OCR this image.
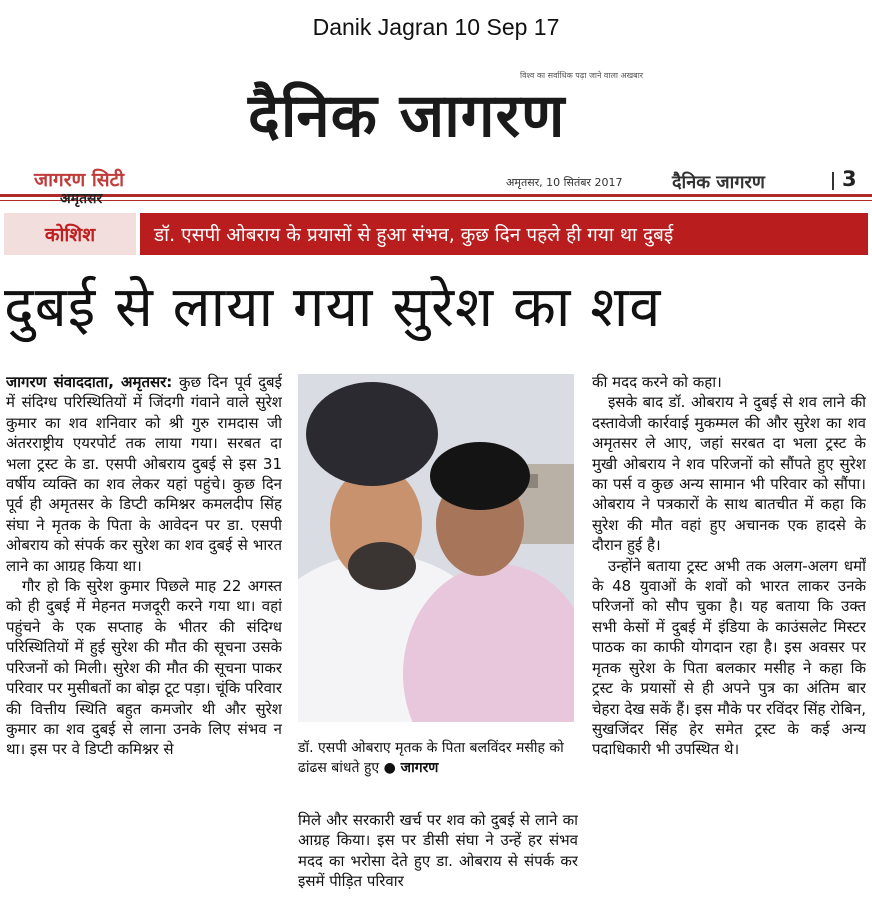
Danik Jagran 10 Sep 17
विश्व का सर्वाधिक पढ़ा जाने वाला अखबार
दैनिक जागरण
जागरण सिटी
अमृतसर
अमृतसर, 10 सितंबर 2017	दैनिक जागरण	3
कोशिश	डॉ. एसपी ओबराय के प्रयासों से हुआ संभव, कुछ दिन पहले ही गया था दुबई
दुबई से लाया गया सुरेश का शव

जागरण संवाददाता, अमृतसर: कुछ दिन पूर्व दुबई में संदिग्ध परिस्थितियों में जिंदगी गंवाने वाले सुरेश कुमार का शव शनिवार को श्री गुरु रामदास जी अंतरराष्ट्रीय एयरपोर्ट तक लाया गया। सरबत दा भला ट्रस्ट के डा. एसपी ओबराय दुबई से इस 31 वर्षीय व्यक्ति का शव लेकर यहां पहुंचे। कुछ दिन पूर्व ही अमृतसर के डिप्टी कमिश्नर कमलदीप सिंह संघा ने मृतक के पिता के आवेदन पर डा. एसपी ओबराय को संपर्क कर सुरेश का शव दुबई से भारत लाने का आग्रह किया था।

गौर हो कि सुरेश कुमार पिछले माह 22 अगस्त को ही दुबई में मेहनत मजदूरी करने गया था। वहां पहुंचने के एक सप्ताह के भीतर की संदिग्ध परिस्थितियों में हुई सुरेश की मौत की सूचना उसके परिजनों को मिली। सुरेश की मौत की सूचना पाकर परिवार पर मुसीबतों का बोझ टूट पड़ा। चूंकि परिवार की वित्तीय स्थिति बहुत कमजोर थी और सुरेश कुमार का शव दुबई से लाना उनके लिए संभव न था। इस पर वे डिप्टी कमिश्नर से	डॉ. एसपी ओबराए मृतक के पिता बलविंदर मसीह को ढांढस बांधते हुए ● जागरण

मिले और सरकारी खर्च पर शव को दुबई से लाने का आग्रह किया। इस पर डीसी संघा ने उन्हें हर संभव मदद का भरोसा देते हुए डा. ओबराय से संपर्क कर इसमें पीड़ित परिवार

की मदद करने को कहा।

इसके बाद डॉ. ओबराय ने दुबई से शव लाने की दस्तावेजी कार्रवाई मुकम्मल की और सुरेश का शव अमृतसर ले आए, जहां सरबत दा भला ट्रस्ट के मुखी ओबराय ने शव परिजनों को सौंपते हुए सुरेश का पर्स व कुछ अन्य सामान भी परिवार को सौंपा। ओबराय ने पत्रकारों के साथ बातचीत में कहा कि सुरेश की मौत वहां हुए अचानक एक हादसे के दौरान हुई है।

उन्होंने बताया ट्रस्ट अभी तक अलग-अलग धर्मों के 48 युवाओं के शवों को भारत लाकर उनके परिजनों को सौप चुका है। यह बताया कि उक्त सभी केसों में दुबई में इंडिया के काउंसलेट मिस्टर पाठक का काफी योगदान रहा है। इस अवसर पर मृतक सुरेश के पिता बलकार मसीह ने कहा कि ट्रस्ट के प्रयासों से ही अपने पुत्र का अंतिम बार चेहरा देख सकें हैं। इस मौके पर रविंदर सिंह रोबिन, सुखजिंदर सिंह हेर समेत ट्रस्ट के कई अन्य पदाधिकारी भी उपस्थित थे।
